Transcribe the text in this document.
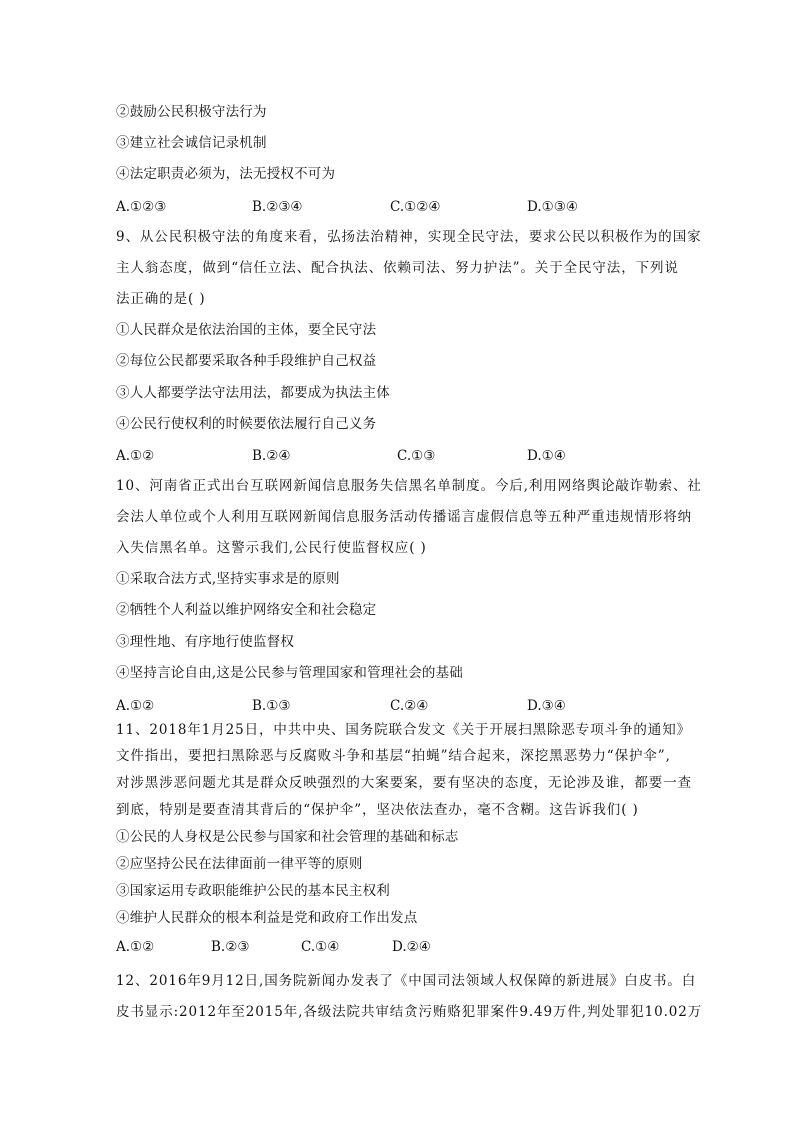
②鼓励公民积极守法行为
③建立社会诚信记录机制
④法定职责必须为，法无授权不可为
A.①②③	B.②③④	C.①②④	D.①③④
9、从公民积极守法的角度来看，弘扬法治精神，实现全民守法，要求公民以积极作为的国家
主人翁态度，做到“信任立法、配合执法、依赖司法、努力护法”。关于全民守法，下列说
法正确的是( )
①人民群众是依法治国的主体，要全民守法
②每位公民都要采取各种手段维护自己权益
③人人都要学法守法用法，都要成为执法主体
④公民行使权利的时候要依法履行自己义务
A.①②	B.②④	C.①③	D.①④
10、河南省正式出台互联网新闻信息服务失信黑名单制度。今后,利用网络舆论敲诈勒索、社
会法人单位或个人利用互联网新闻信息服务活动传播谣言虚假信息等五种严重违规情形将纳
入失信黑名单。这警示我们,公民行使监督权应( )
①采取合法方式,坚持实事求是的原则
②牺牲个人利益以维护网络安全和社会稳定
③理性地、有序地行使监督权
④坚持言论自由,这是公民参与管理国家和管理社会的基础
A.①②	B.①③	C.②④	D.③④
11、2018年1月25日，中共中央、国务院联合发文《关于开展扫黑除恶专项斗争的通知》
文件指出，要把扫黑除恶与反腐败斗争和基层“拍蝇”结合起来，深挖黑恶势力“保护伞”,
对涉黑涉恶问题尤其是群众反映强烈的大案要案，要有坚决的态度，无论涉及谁，都要一查
到底，特别是要查清其背后的“保护伞”，坚决依法查办，毫不含糊。这告诉我们( )
①公民的人身权是公民参与国家和社会管理的基础和标志
②应坚持公民在法律面前一律平等的原则
③国家运用专政职能维护公民的基本民主权利
④维护人民群众的根本利益是党和政府工作出发点
A.①②	B.②③	C.①④	D.②④
12、2016年9月12日,国务院新闻办发表了《中国司法领域人权保障的新进展》白皮书。白
皮书显示:2012年至2015年,各级法院共审结贪污贿赂犯罪案件9.49万件,判处罪犯10.02万
